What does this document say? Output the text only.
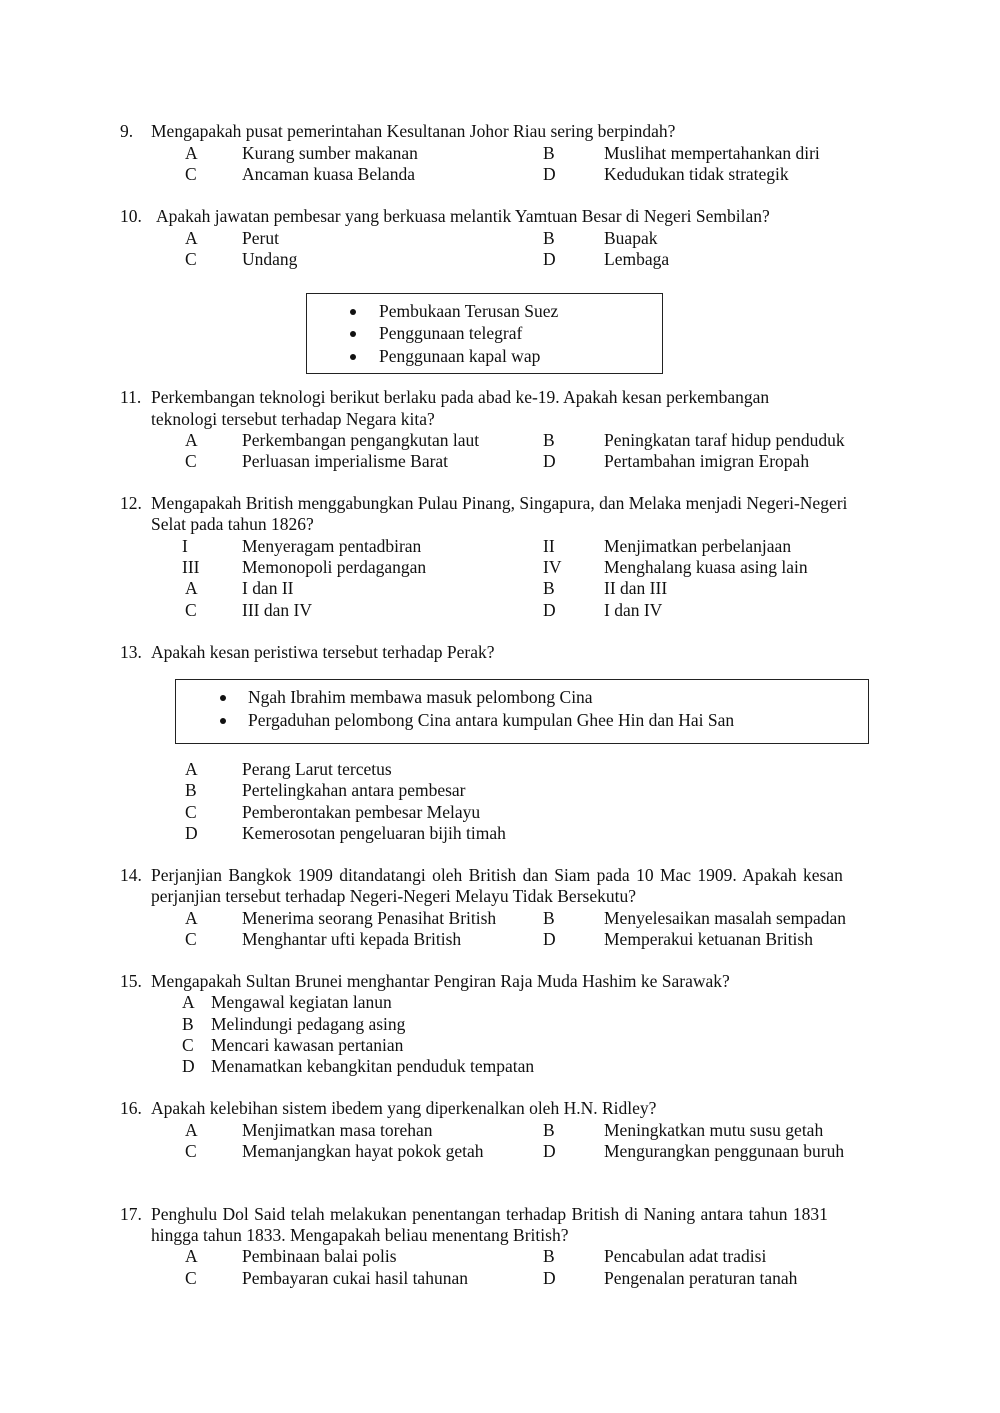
9. Mengapakah pusat pemerintahan Kesultanan Johor Riau sering berpindah?
A	Kurang sumber makanan	B	Muslihat mempertahankan diri
C	Ancaman kuasa Belanda	D	Kedudukan tidak strategik
10. Apakah jawatan pembesar yang berkuasa melantik Yamtuan Besar di Negeri Sembilan?
A	Perut	B	Buapak
C	Undang	D	Lembaga
Pembukaan Terusan Suez
Penggunaan telegraf
Penggunaan kapal wap
11. Perkembangan teknologi berikut berlaku pada abad ke-19. Apakah kesan perkembangan
teknologi tersebut terhadap Negara kita?
A	Perkembangan pengangkutan laut	B	Peningkatan taraf hidup penduduk
C	Perluasan imperialisme Barat	D	Pertambahan imigran Eropah
12. Mengapakah British menggabungkan Pulau Pinang, Singapura, dan Melaka menjadi Negeri-Negeri
Selat pada tahun 1826?
I	Menyeragam pentadbiran	II	Menjimatkan perbelanjaan
III Memonopoli perdagangan	IV Menghalang kuasa asing lain
A	I dan II	B	II dan III
C	III dan IV	D	I dan IV
13. Apakah kesan peristiwa tersebut terhadap Perak?
Ngah Ibrahim membawa masuk pelombong Cina
Pergaduhan pelombong Cina antara kumpulan Ghee Hin dan Hai San
A	Perang Larut tercetus
B	Pertelingkahan antara pembesar
C	Pemberontakan pembesar Melayu
D	Kemerosotan pengeluaran bijih timah
14. Perjanjian Bangkok 1909 ditandatangi oleh British dan Siam pada 10 Mac 1909. Apakah kesan
perjanjian tersebut terhadap Negeri-Negeri Melayu Tidak Bersekutu?
A	Menerima seorang Penasihat British	B	Menyelesaikan masalah sempadan
C	Menghantar ufti kepada British	D	Memperakui ketuanan British
15. Mengapakah Sultan Brunei menghantar Pengiran Raja Muda Hashim ke Sarawak?
A Mengawal kegiatan lanun
B Melindungi pedagang asing
C Mencari kawasan pertanian
D Menamatkan kebangkitan penduduk tempatan
16. Apakah kelebihan sistem ibedem yang diperkenalkan oleh H.N. Ridley?
A	Menjimatkan masa torehan	B	Meningkatkan mutu susu getah
C	Memanjangkan hayat pokok getah	D	Mengurangkan penggunaan buruh
17. Penghulu Dol Said telah melakukan penentangan terhadap British di Naning antara tahun 1831
hingga tahun 1833. Mengapakah beliau menentang British?
A	Pembinaan balai polis	B	Pencabulan adat tradisi
C	Pembayaran cukai hasil tahunan	D	Pengenalan peraturan tanah
